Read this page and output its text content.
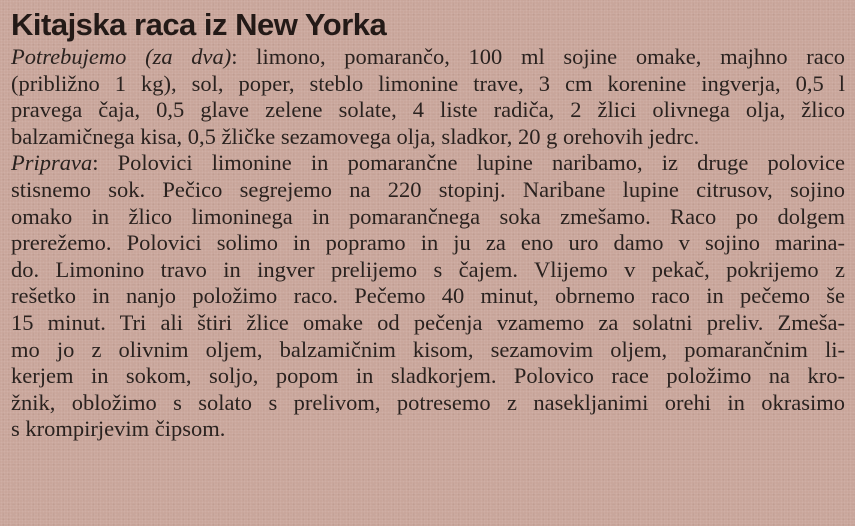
Kitajska raca iz New Yorka
Potrebujemo (za dva): limono, pomarančo, 100 ml sojine omake, majhno raco
(približno 1 kg), sol, poper, steblo limonine trave, 3 cm korenine ingverja, 0,5 l
pravega čaja, 0,5 glave zelene solate, 4 liste radiča, 2 žlici olivnega olja, žlico
balzamičnega kisa, 0,5 žličke sezamovega olja, sladkor, 20 g orehovih jedrc.
Priprava: Polovici limonine in pomarančne lupine naribamo, iz druge polovice
stisnemo sok. Pečico segrejemo na 220 stopinj. Naribane lupine citrusov, sojino
omako in žlico limoninega in pomarančnega soka zmešamo. Raco po dolgem
prerežemo. Polovici solimo in popramo in ju za eno uro damo v sojino marina-
do. Limonino travo in ingver prelijemo s čajem. Vlijemo v pekač, pokrijemo z
rešetko in nanjo položimo raco. Pečemo 40 minut, obrnemo raco in pečemo še
15 minut. Tri ali štiri žlice omake od pečenja vzamemo za solatni preliv. Zmeša-
mo jo z olivnim oljem, balzamičnim kisom, sezamovim oljem, pomarančnim li-
kerjem in sokom, soljo, popom in sladkorjem. Polovico race položimo na kro-
žnik, obložimo s solato s prelivom, potresemo z nasekljanimi orehi in okrasimo
s krompirjevim čipsom.
